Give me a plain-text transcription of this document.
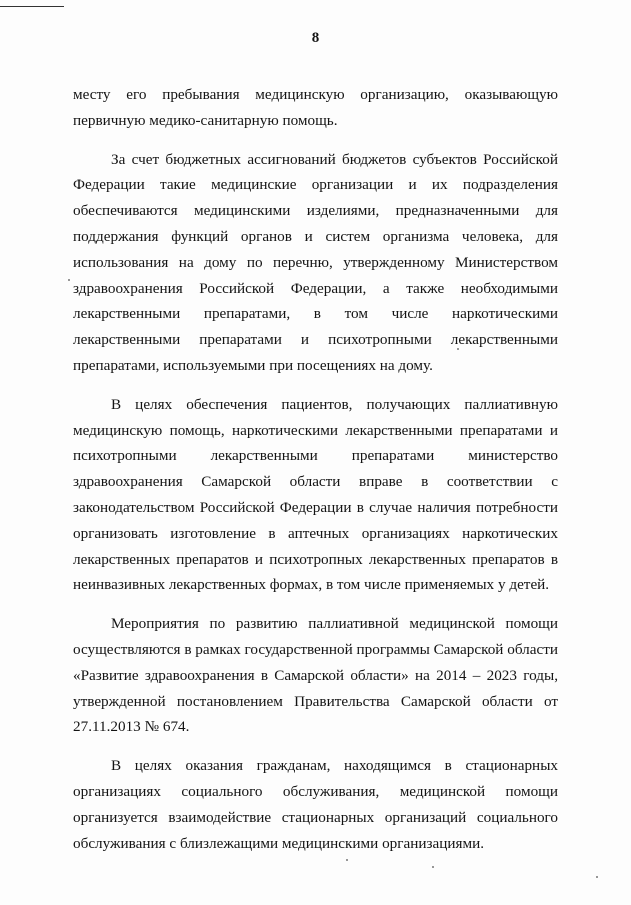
8

месту его пребывания медицинскую организацию, оказывающую первичную медико-санитарную помощь.

За счет бюджетных ассигнований бюджетов субъектов Российской Федерации такие медицинские организации и их подразделения обеспечиваются медицинскими изделиями, предназначенными для поддержания функций органов и систем организма человека, для использования на дому по перечню, утвержденному Министерством здравоохранения Российской Федерации, а также необходимыми лекарственными препаратами, в том числе наркотическими лекарственными препаратами и психотропными лекарственными препаратами, используемыми при посещениях на дому.

В целях обеспечения пациентов, получающих паллиативную медицинскую помощь, наркотическими лекарственными препаратами и психотропными лекарственными препаратами министерство здравоохранения Самарской области вправе в соответствии с законодательством Российской Федерации в случае наличия потребности организовать изготовление в аптечных организациях наркотических лекарственных препаратов и психотропных лекарственных препаратов в неинвазивных лекарственных формах, в том числе применяемых у детей.

Мероприятия по развитию паллиативной медицинской помощи осуществляются в рамках государственной программы Самарской области «Развитие здравоохранения в Самарской области» на 2014 – 2023 годы, утвержденной постановлением Правительства Самарской области от 27.11.2013 № 674.

В целях оказания гражданам, находящимся в стационарных организациях социального обслуживания, медицинской помощи организуется взаимодействие стационарных организаций социального обслуживания с близлежащими медицинскими организациями.
